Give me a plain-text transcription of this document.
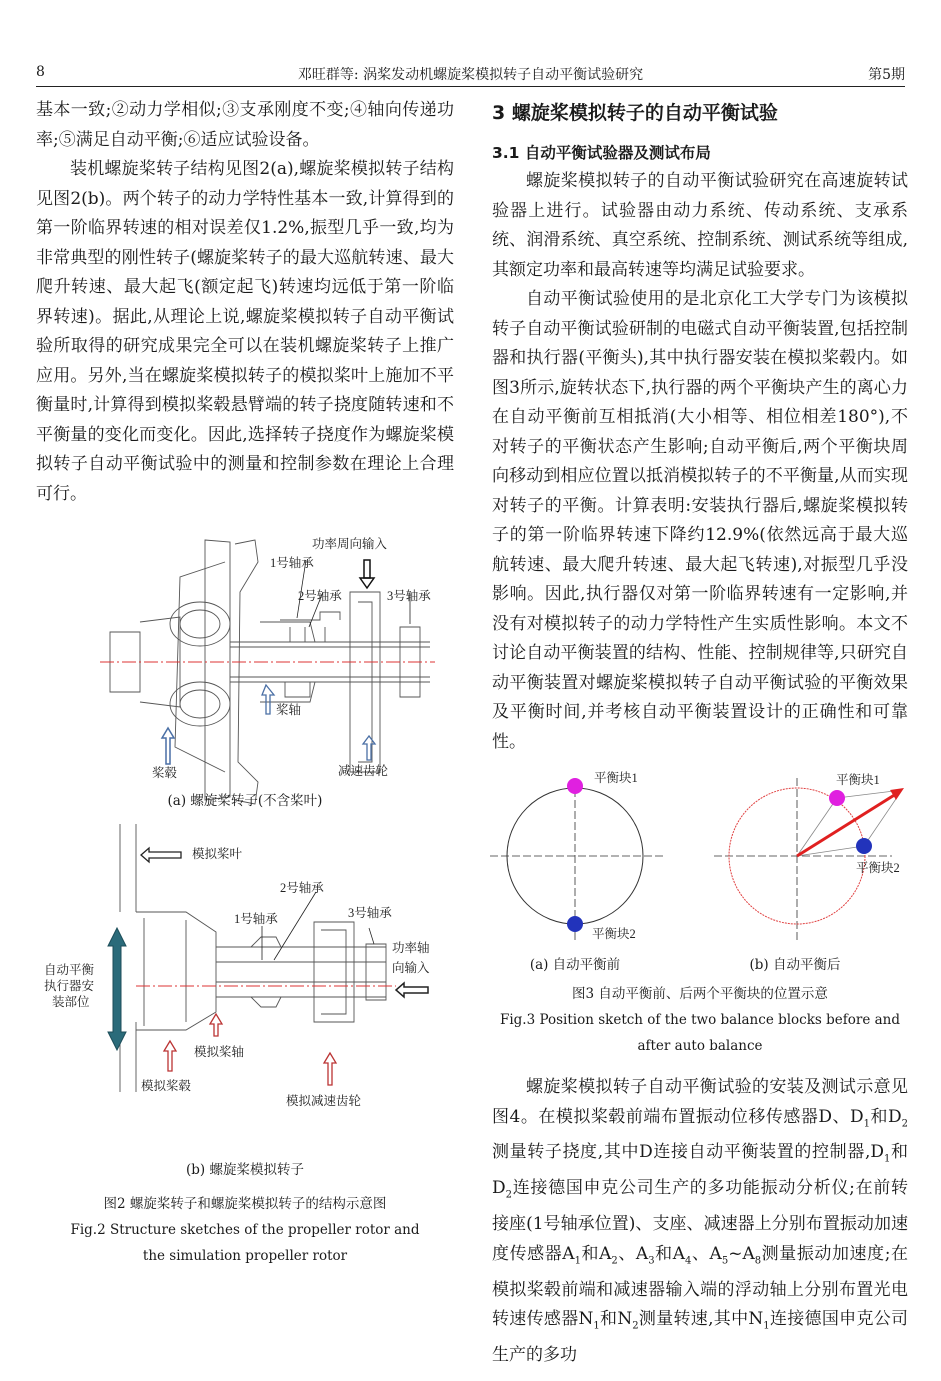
8	邓旺群等: 涡桨发动机螺旋桨模拟转子自动平衡试验研究	第5期

基本一致;②动力学相似;③支承刚度不变;④轴向传递功率;⑤满足自动平衡;⑥适应试验设备。

装机螺旋桨转子结构见图2(a),螺旋桨模拟转子结构见图2(b)。两个转子的动力学特性基本一致,计算得到的第一阶临界转速的相对误差仅1.2%,振型几乎一致,均为非常典型的刚性转子(螺旋桨转子的最大巡航转速、最大爬升转速、最大起飞(额定起飞)转速均远低于第一阶临界转速)。据此,从理论上说,螺旋桨模拟转子自动平衡试验所取得的研究成果完全可以在装机螺旋桨转子上推广应用。另外,当在螺旋桨模拟转子的模拟桨叶上施加不平衡量时,计算得到模拟桨毂悬臂端的转子挠度随转速和不平衡量的变化而变化。因此,选择转子挠度作为螺旋桨模拟转子自动平衡试验中的测量和控制参数在理论上合理可行。

功率周向输入
1号轴承
2号轴承	3号轴承
桨轴
桨毂	减速齿轮
(a) 螺旋桨转子(不含桨叶)
模拟桨叶
2号轴承
1号轴承	3号轴承
功率轴
向输入
自动平衡
执行器安
装部位
模拟桨轴
模拟桨毂
模拟减速齿轮
(b) 螺旋桨模拟转子
图2 螺旋桨转子和螺旋桨模拟转子的结构示意图
Fig.2 Structure sketches of the propeller rotor and
the simulation propeller rotor
3 螺旋桨模拟转子的自动平衡试验
3.1 自动平衡试验器及测试布局

螺旋桨模拟转子的自动平衡试验研究在高速旋转试验器上进行。试验器由动力系统、传动系统、支承系统、润滑系统、真空系统、控制系统、测试系统等组成,其额定功率和最高转速等均满足试验要求。

自动平衡试验使用的是北京化工大学专门为该模拟转子自动平衡试验研制的电磁式自动平衡装置,包括控制器和执行器(平衡头),其中执行器安装在模拟桨毂内。如图3所示,旋转状态下,执行器的两个平衡块产生的离心力在自动平衡前互相抵消(大小相等、相位相差180°),不对转子的平衡状态产生影响;自动平衡后,两个平衡块周向移动到相应位置以抵消模拟转子的不平衡量,从而实现对转子的平衡。计算表明:安装执行器后,螺旋桨模拟转子的第一阶临界转速下降约12.9%(依然远高于最大巡航转速、最大爬升转速、最大起飞转速),对振型几乎没影响。因此,执行器仅对第一阶临界转速有一定影响,并没有对模拟转子的动力学特性产生实质性影响。本文不讨论自动平衡装置的结构、性能、控制规律等,只研究自动平衡装置对螺旋桨模拟转子自动平衡试验的平衡效果及平衡时间,并考核自动平衡装置设计的正确性和可靠性。

平衡块1
平衡块2
平衡块1
平衡块2
(a) 自动平衡前	(b) 自动平衡后
图3 自动平衡前、后两个平衡块的位置示意
Fig.3 Position sketch of the two balance blocks before and
after auto balance

螺旋桨模拟转子自动平衡试验的安装及测试示意见图4。在模拟桨毂前端布置振动位移传感器D、$D_1$和$D_2$测量转子挠度,其中D连接自动平衡装置的控制器$,D_1$和$D_2$连接德国申克公司生产的多功能振动分析仪;在前转接座(1号轴承位置)、支座、减速器上分别布置振动加速度传感器$A_1$和$A_2$、$A_3$和$A_4$、$A_5\sim A_8$测量振动加速度;在模拟桨毂前端和减速器输入端的浮动轴上分别布置光电转速传感器$N_1$和$N_2$测量转速,其中$N_1$连接德国申克公司生产的多功
